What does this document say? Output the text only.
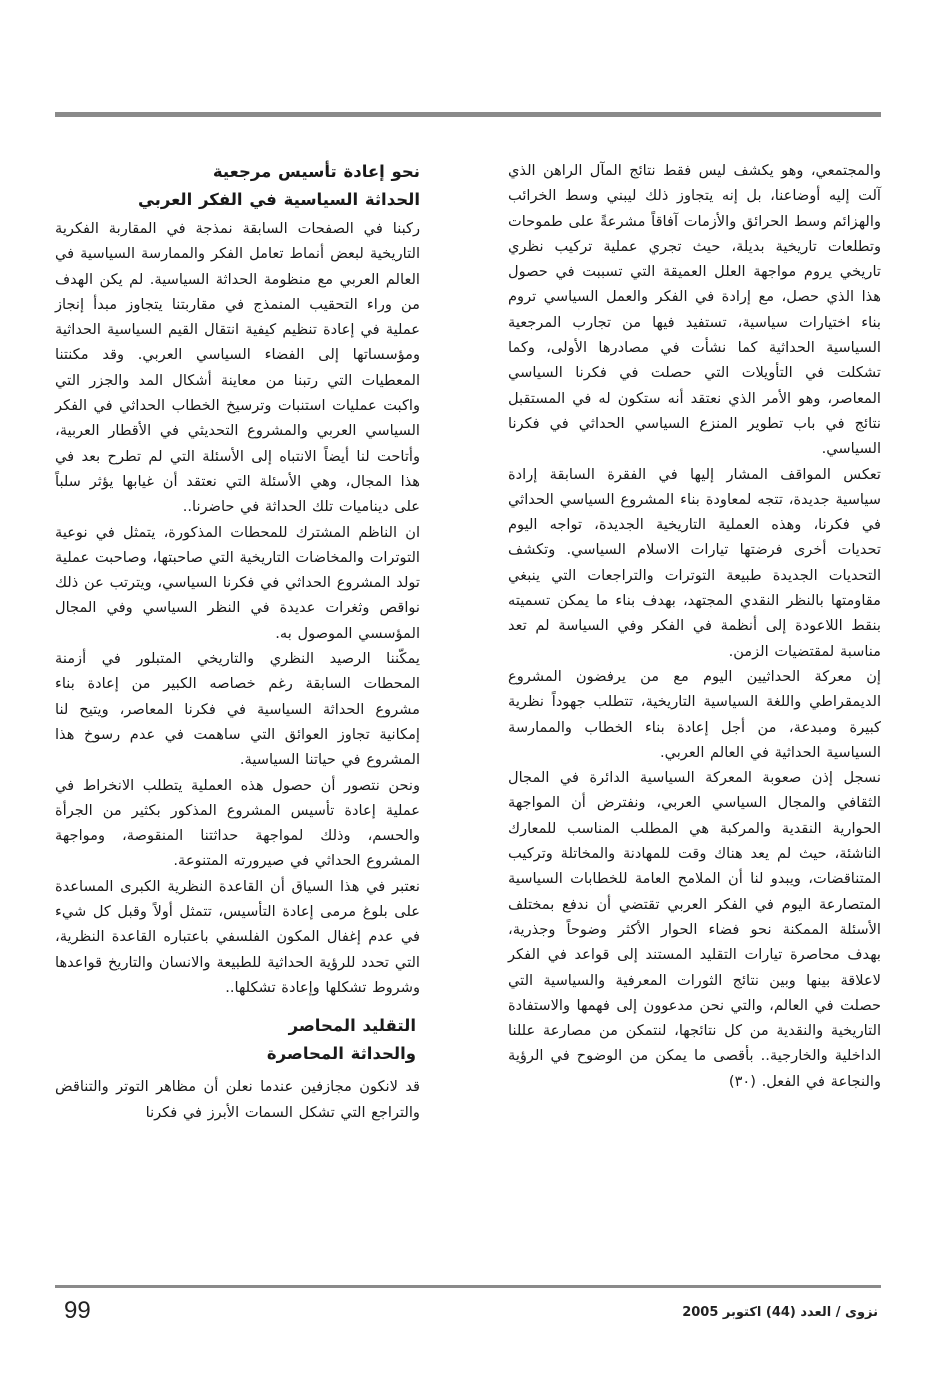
والمجتمعي، وهو يكشف ليس فقط نتائج المآل الراهن الذي آلت إليه أوضاعنا، بل إنه يتجاوز ذلك ليبني وسط الخرائب والهزائم وسط الحرائق والأزمات آفاقاً مشرعةً على طموحات وتطلعات تاريخية بديلة، حيث تجري عملية تركيب نظري تاريخي يروم مواجهة العلل العميقة التي تسببت في حصول هذا الذي حصل، مع إرادة في الفكر والعمل السياسي تروم بناء اختيارات سياسية، تستفيد فيها من تجارب المرجعية السياسية الحداثية كما نشأت في مصادرها الأولى، وكما تشكلت في التأويلات التي حصلت في فكرنا السياسي المعاصر، وهو الأمر الذي نعتقد أنه ستكون له في المستقبل نتائج في باب تطوير المنزع السياسي الحداثي في فكرنا السياسي.

تعكس المواقف المشار إليها في الفقرة السابقة إرادة سياسية جديدة، تتجه لمعاودة بناء المشروع السياسي الحداثي في فكرنا، وهذه العملية التاريخية الجديدة، تواجه اليوم تحديات أخرى فرضتها تيارات الاسلام السياسي. وتكشف التحديات الجديدة طبيعة التوترات والتراجعات التي ينبغي مقاومتها بالنظر النقدي المجتهد، بهدف بناء ما يمكن تسميته بنقط اللاعودة إلى أنظمة في الفكر وفي السياسة لم تعد مناسبة لمقتضيات الزمن.

إن معركة الحداثيين اليوم مع من يرفضون المشروع الديمقراطي واللغة السياسية التاريخية، تتطلب جهوداً نظرية كبيرة ومبدعة، من أجل إعادة بناء الخطاب والممارسة السياسية الحداثية في العالم العربي.

نسجل إذن صعوبة المعركة السياسية الدائرة في المجال الثقافي والمجال السياسي العربي، ونفترض أن المواجهة الحوارية النقدية والمركبة هي المطلب المناسب للمعارك الناشئة، حيث لم يعد هناك وقت للمهادنة والمخاتلة وتركيب المتناقضات، ويبدو لنا أن الملامح العامة للخطابات السياسية المتصارعة اليوم في الفكر العربي تقتضي أن ندفع بمختلف الأسئلة الممكنة نحو فضاء الحوار الأكثر وضوحاً وجذرية، بهدف محاصرة تيارات التقليد المستند إلى قواعد في الفكر لاعلاقة بينها وبين نتائج الثورات المعرفية والسياسية التي حصلت في العالم، والتي نحن مدعوون إلى فهمها والاستفادة التاريخية والنقدية من كل نتائجها، لنتمكن من مصارعة عللنا الداخلية والخارجية.. بأقصى ما يمكن من الوضوح في الرؤية والنجاعة في الفعل. (٣٠)

نحو إعادة تأسيس مرجعية
الحداثة السياسية في الفكر العربي

ركبنا في الصفحات السابقة نمذجة في المقاربة الفكرية التاريخية لبعض أنماط تعامل الفكر والممارسة السياسية في العالم العربي مع منظومة الحداثة السياسية. لم يكن الهدف من وراء التحقيب المنمذج في مقاربتنا يتجاوز مبدأ إنجاز عملية في إعادة تنظيم كيفية انتقال القيم السياسية الحداثية ومؤسساتها إلى الفضاء السياسي العربي. وقد مكنتنا المعطيات التي رتبنا من معاينة أشكال المد والجزر التي واكبت عمليات استنبات وترسيخ الخطاب الحداثي في الفكر السياسي العربي والمشروع التحديثي في الأقطار العربية، وأتاحت لنا أيضاً الانتباه إلى الأسئلة التي لم تطرح بعد في هذا المجال، وهي الأسئلة التي نعتقد أن غيابها يؤثر سلباً على ديناميات تلك الحداثة في حاضرنا..

ان الناظم المشترك للمحطات المذكورة، يتمثل في نوعية التوترات والمخاضات التاريخية التي صاحبتها، وصاحبت عملية تولد المشروع الحداثي في فكرنا السياسي، ويترتب عن ذلك نواقص وثغرات عديدة في النظر السياسي وفي المجال المؤسسي الموصول به.

يمكّننا الرصيد النظري والتاريخي المتبلور في أزمنة المحطات السابقة رغم خصاصه الكبير من إعادة بناء مشروع الحداثة السياسية في فكرنا المعاصر، ويتيح لنا إمكانية تجاوز العوائق التي ساهمت في عدم رسوخ هذا المشروع في حياتنا السياسية.

ونحن نتصور أن حصول هذه العملية يتطلب الانخراط في عملية إعادة تأسيس المشروع المذكور بكثير من الجرأة والحسم، وذلك لمواجهة حداثتنا المنقوصة، ومواجهة المشروع الحداثي في صيرورته المتنوعة.

نعتبر في هذا السياق أن القاعدة النظرية الكبرى المساعدة على بلوغ مرمى إعادة التأسيس، تتمثل أولاً وقبل كل شيء في عدم إغفال المكون الفلسفي باعتباره القاعدة النظرية، التي تحدد للرؤية الحداثية للطبيعة والانسان والتاريخ قواعدها وشروط تشكلها وإعادة تشكلها..

التقليد المحاصر
والحداثة المحاصرة

قد لانكون مجازفين عندما نعلن أن مظاهر التوتر والتناقض والتراجع التي تشكل السمات الأبرز في فكرنا

99	نزوى / العدد (44) اكتوبر 2005
